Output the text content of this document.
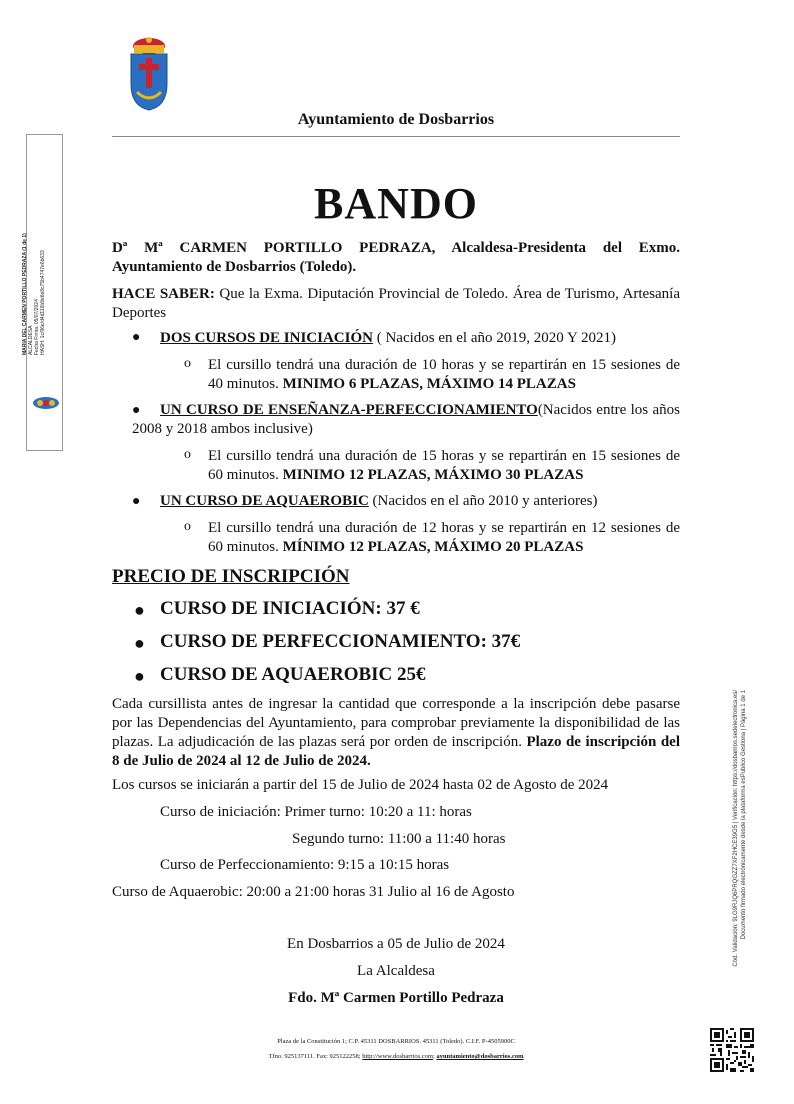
Ayuntamiento de Dosbarrios
MARIA DEL CARMEN PORTILLO PEDRAZA (1 de 1) ALCALDESA Fecha Firma: 05/07/2024 HASH: 1c/96e/d4d116b9e6e8c75b4747e6b633
BANDO
Dª Mª CARMEN PORTILLO PEDRAZA, Alcaldesa-Presidenta del Exmo. Ayuntamiento de Dosbarrios (Toledo).
HACE SABER: Que la Exma. Diputación Provincial de Toledo. Área de Turismo, Artesanía Deportes
● DOS CURSOS DE INICIACIÓN ( Nacidos en el año 2019, 2020 Y 2021)
o El cursillo tendrá una duración de 10 horas y se repartirán en 15 sesiones de 40 minutos. MINIMO 6 PLAZAS, MÁXIMO 14 PLAZAS
●	UN CURSO DE ENSEÑANZA-PERFECCIONAMIENTO(Nacidos entre los años 2008 y 2018 ambos inclusive)
o El cursillo tendrá una duración de 15 horas y se repartirán en 15 sesiones de 60 minutos. MINIMO 12 PLAZAS, MÁXIMO 30 PLAZAS
● UN CURSO DE AQUAEROBIC (Nacidos en el año 2010 y anteriores)
o El cursillo tendrá una duración de 12 horas y se repartirán en 12 sesiones de 60 minutos. MÍNIMO 12 PLAZAS, MÁXIMO 20 PLAZAS
PRECIO DE INSCRIPCIÓN
● CURSO DE INICIACIÓN: 37 €
● CURSO DE PERFECCIONAMIENTO: 37€
● CURSO DE AQUAEROBIC 25€
Cada cursillista antes de ingresar la cantidad que corresponde a la inscripción debe pasarse por las Dependencias del Ayuntamiento, para comprobar previamente la disponibilidad de las plazas. La adjudicación de las plazas será por orden de inscripción. Plazo de inscripción del 8 de Julio de 2024 al 12 de Julio de 2024.
Los cursos se iniciarán a partir del 15 de Julio de 2024 hasta 02 de Agosto de 2024
Curso de iniciación: Primer turno: 10:20 a 11: horas
Segundo turno: 11:00 a 11:40 horas
Curso de Perfeccionamiento: 9:15 a 10:15 horas
Curso de Aquaerobic: 20:00 a 21:00 horas 31 Julio al 16 de Agosto
En Dosbarrios a 05 de Julio de 2024
La Alcaldesa
Fdo. Mª Carmen Portillo Pedraza
Plaza de la Constitución 1; C.P. 45311 DOSBARRIOS. 45311 (Toledo). C.I.F. P-4505900C
Tfno. 925137111. Fax: 925122258; http://www.dosbarrios.com; ayuntamiento@dosbarrios.com
Cód. Validación: 9LG9RJQ6PRQGZZ7XF2HCE39G5 | Verificación: https://dosbarrios.sedelectronica.es/ Documento firmado electrónicamente desde la plataforma esPublico Gestiona | Página 1 de 1
